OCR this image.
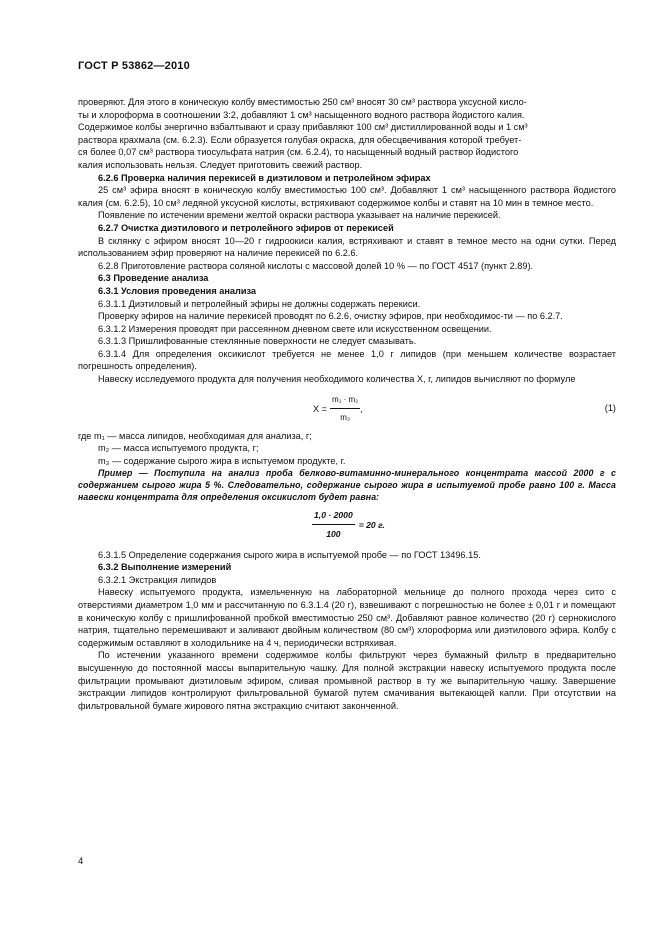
ГОСТ Р 53862—2010

проверяют. Для этого в коническую колбу вместимостью 250 см³ вносят 30 см³ раствора уксусной кисло-

ты и хлороформа в соотношении 3:2, добавляют 1 см³ насыщенного водного раствора йодистого калия.

Содержимое колбы энергично взбалтывают и сразу прибавляют 100 см³ дистиллированной воды и 1 см³

раствора крахмала (см. 6.2.3). Если образуется голубая окраска, для обесцвечивания которой требует-

ся более 0,07 см³ раствора тиосульфата натрия (см. 6.2.4), то насыщенный водный раствор йодистого

калия использовать нельзя. Следует приготовить свежий раствор.

6.2.6 Проверка наличия перекисей в диэтиловом и петролейном эфирах

25 см³ эфира вносят в коническую колбу вместимостью 100 см³. Добавляют 1 см³ насыщенного раствора йодистого калия (см. 6.2.5), 10 см³ ледяной уксусной кислоты, встряхивают содержимое колбы и ставят на 10 мин в темное место.

Появление по истечении времени желтой окраски раствора указывает на наличие перекисей.

6.2.7 Очистка диэтилового и петролейного эфиров от перекисей

В склянку с эфиром вносят 10—20 г гидроокиси калия, встряхивают и ставят в темное место на одни сутки. Перед использованием эфир проверяют на наличие перекисей по 6.2.6.

6.2.8 Приготовление раствора соляной кислоты с массовой долей 10 % — по ГОСТ 4517 (пункт 2.89).

6.3 Проведение анализа

6.3.1 Условия проведения анализа

6.3.1.1 Диэтиловый и петролейный эфиры не должны содержать перекиси.

Проверку эфиров на наличие перекисей проводят по 6.2.6, очистку эфиров, при необходимос-ти — по 6.2.7.

6.3.1.2 Измерения проводят при рассеянном дневном свете или искусственном освещении.

6.3.1.3 Пришлифованные стеклянные поверхности не следует смазывать.

6.3.1.4 Для определения оксикислот требуется не менее 1,0 г липидов (при меньшем количестве возрастает погрешность определения).

Навеску исследуемого продукта для получения необходимого количества X, г, липидов вычисляют по формуле

$X = \frac{\text{m₁ · m₂}}{\text{m₃}}$ ,	(1)

где m₁ — масса липидов, необходимая для анализа, г;

m₂ — масса испытуемого продукта, г;

m₃ — содержание сырого жира в испытуемом продукте, г.

Пример — Поступила на анализ проба белково-витаминно-минерального концентрата массой 2000 г с содержанием сырого жира 5 %. Следовательно, содержание сырого жира в испытуемой пробе равно 100 г. Масса навески концентрата для определения оксикислот будет равна:

$\frac{1,0 \cdot 2000}{100} = 20$ г.

6.3.1.5 Определение содержания сырого жира в испытуемой пробе — по ГОСТ 13496.15.

6.3.2 Выполнение измерений

6.3.2.1 Экстракция липидов

Навеску испытуемого продукта, измельченную на лабораторной мельнице до полного прохода через сито с отверстиями диаметром 1,0 мм и рассчитанную по 6.3.1.4 (20 г), взвешивают с погрешностью не более ± 0,01 г и помещают в коническую колбу с пришлифованной пробкой вместимостью 250 см³. Добавляют равное количество (20 г) сернокислого натрия, тщательно перемешивают и заливают двойным количеством (80 см³) хлороформа или диэтилового эфира. Колбу с содержимым оставляют в холодильнике на 4 ч, периодически встряхивая.

По истечении указанного времени содержимое колбы фильтруют через бумажный фильтр в предварительно высушенную до постоянной массы выпарительную чашку. Для полной экстракции навеску испытуемого продукта после фильтрации промывают диэтиловым эфиром, сливая промывной раствор в ту же выпарительную чашку. Завершение экстракции липидов контролируют фильтровальной бумагой путем смачивания вытекающей капли. При отсутствии на фильтровальной бумаге жирового пятна экстракцию считают законченной.

4
